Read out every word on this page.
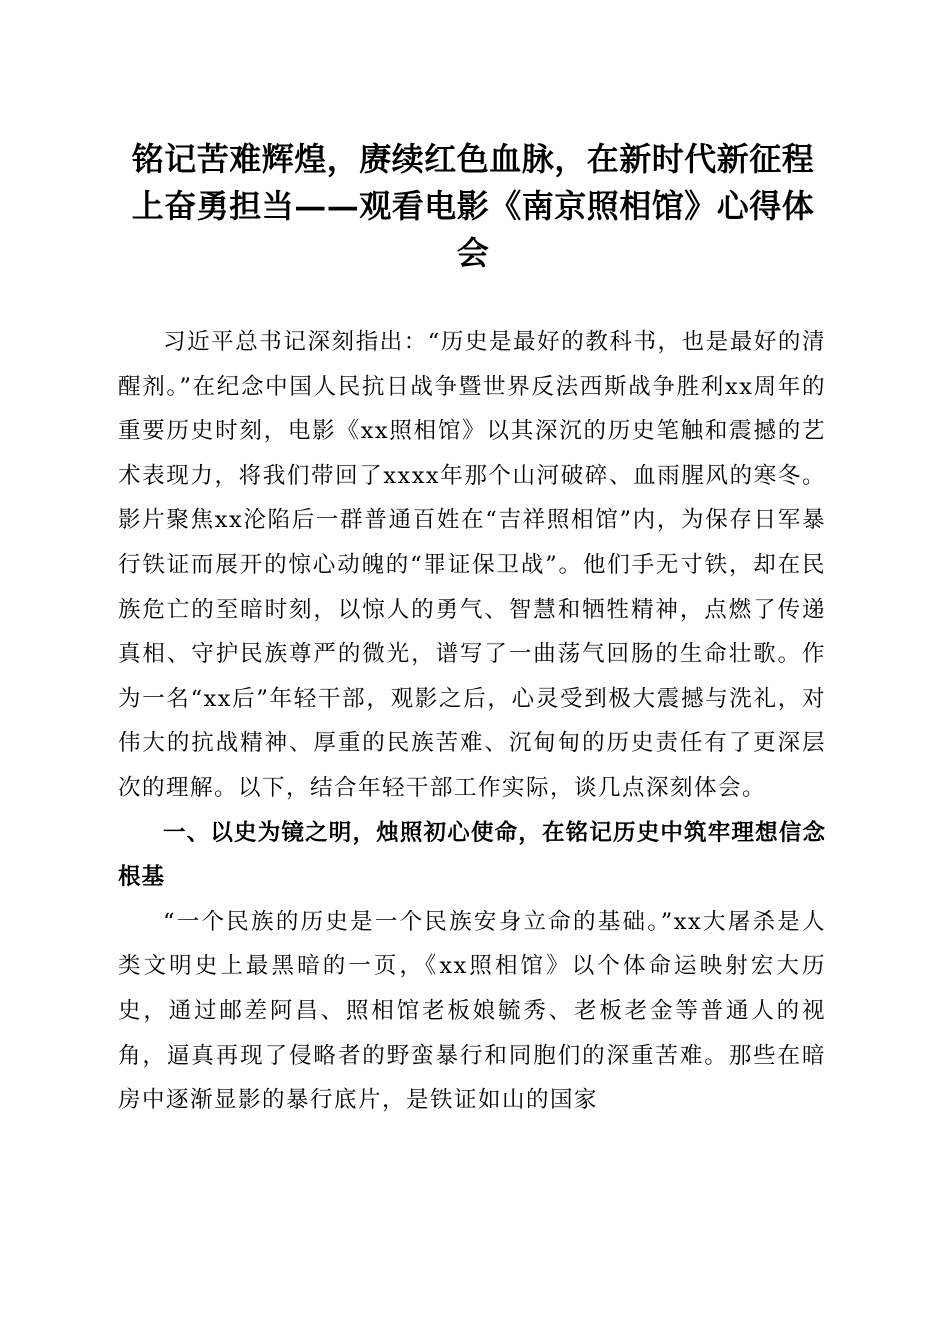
铭记苦难辉煌，赓续红色血脉，在新时代新征程上奋勇担当——观看电影《南京照相馆》心得体会

习近平总书记深刻指出：“历史是最好的教科书，也是最好的清醒剂。”在纪念中国人民抗日战争暨世界反法西斯战争胜利xx周年的重要历史时刻，电影《xx照相馆》以其深沉的历史笔触和震撼的艺术表现力，将我们带回了xxxx年那个山河破碎、血雨腥风的寒冬。影片聚焦xx沦陷后一群普通百姓在“吉祥照相馆”内，为保存日军暴行铁证而展开的惊心动魄的“罪证保卫战”。他们手无寸铁，却在民族危亡的至暗时刻，以惊人的勇气、智慧和牺牲精神，点燃了传递真相、守护民族尊严的微光，谱写了一曲荡气回肠的生命壮歌。作为一名“xx后”年轻干部，观影之后，心灵受到极大震撼与洗礼，对伟大的抗战精神、厚重的民族苦难、沉甸甸的历史责任有了更深层次的理解。以下，结合年轻干部工作实际，谈几点深刻体会。

一、以史为镜之明，烛照初心使命，在铭记历史中筑牢理想信念根基

“一个民族的历史是一个民族安身立命的基础。”xx大屠杀是人类文明史上最黑暗的一页，《xx照相馆》以个体命运映射宏大历史，通过邮差阿昌、照相馆老板娘毓秀、老板老金等普通人的视角，逼真再现了侵略者的野蛮暴行和同胞们的深重苦难。那些在暗房中逐渐显影的暴行底片，是铁证如山的国家
